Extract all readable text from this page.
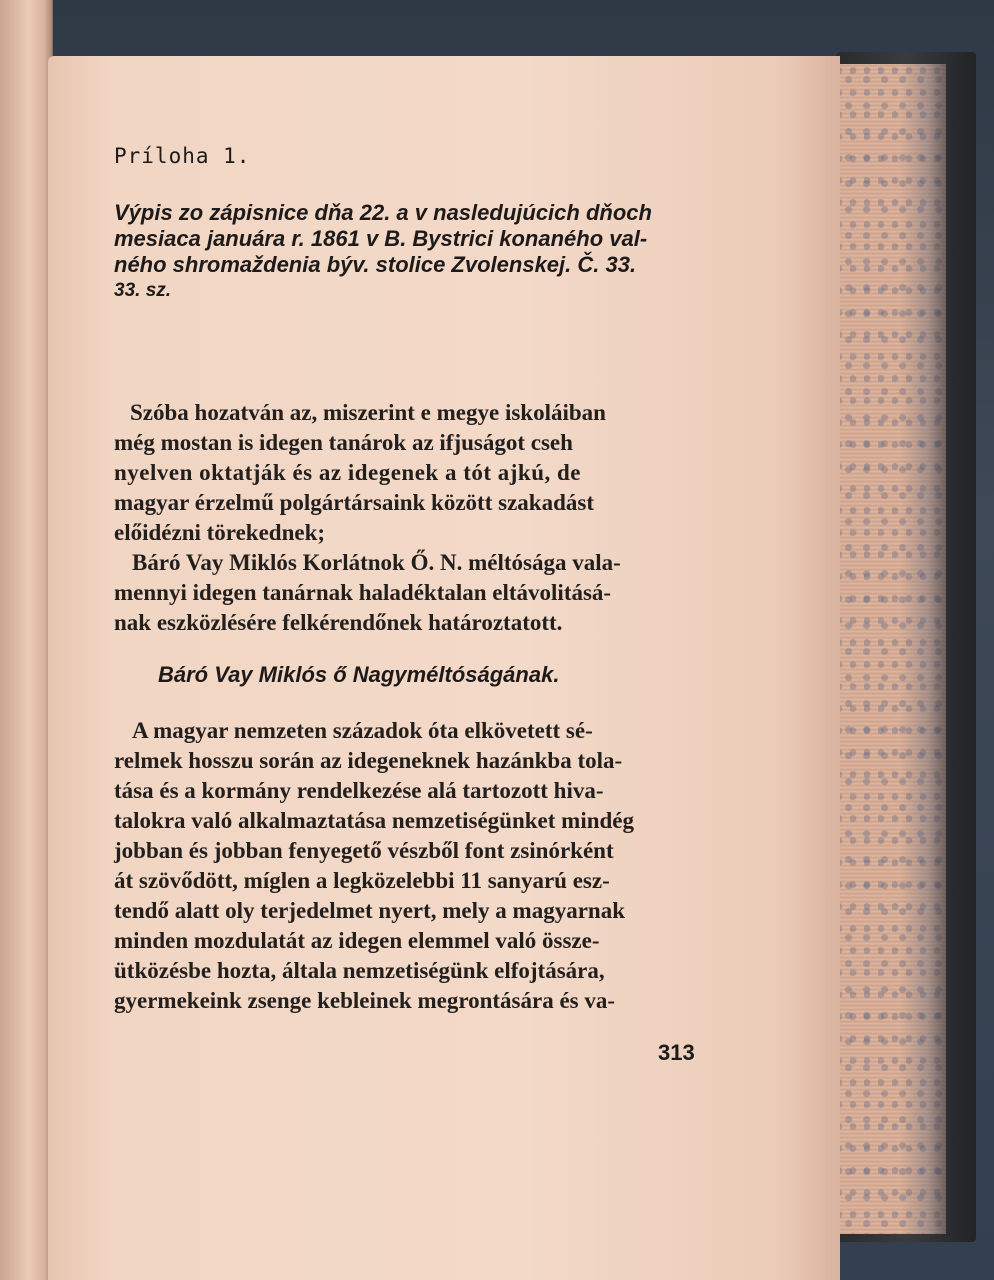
Príloha 1.
Výpis zo zápisnice dňa 22. a v nasledujúcich dňoch
mesiaca januára r. 1861 v B. Bystrici konaného val-
ného shromaždenia býv. stolice Zvolenskej. Č. 33.
33. sz.
Szóba hozatván az, miszerint e megye iskoláiban
még mostan is idegen tanárok az ifjuságot cseh
nyelven oktatják és az idegenek a tót ajkú, de
magyar érzelmű polgártársaink között szakadást
előidézni törekednek;
Báró Vay Miklós Korlátnok Ő. N. méltósága vala-
mennyi idegen tanárnak haladéktalan eltávolitásá-
nak eszközlésére felkérendőnek határoztatott.
Báró Vay Miklós ő Nagyméltóságának.
A magyar nemzeten századok óta elkövetett sé-
relmek hosszu során az idegeneknek hazánkba tola-
tása és a kormány rendelkezése alá tartozott hiva-
talokra való alkalmaztatása nemzetiségünket mindég
jobban és jobban fenyegető vészből font zsinórként
át szövődött, míglen a legközelebbi 11 sanyarú esz-
tendő alatt oly terjedelmet nyert, mely a magyarnak
minden mozdulatát az idegen elemmel való össze-
ütközésbe hozta, általa nemzetiségünk elfojtására,
gyermekeink zsenge kebleinek megrontására és va-
313
